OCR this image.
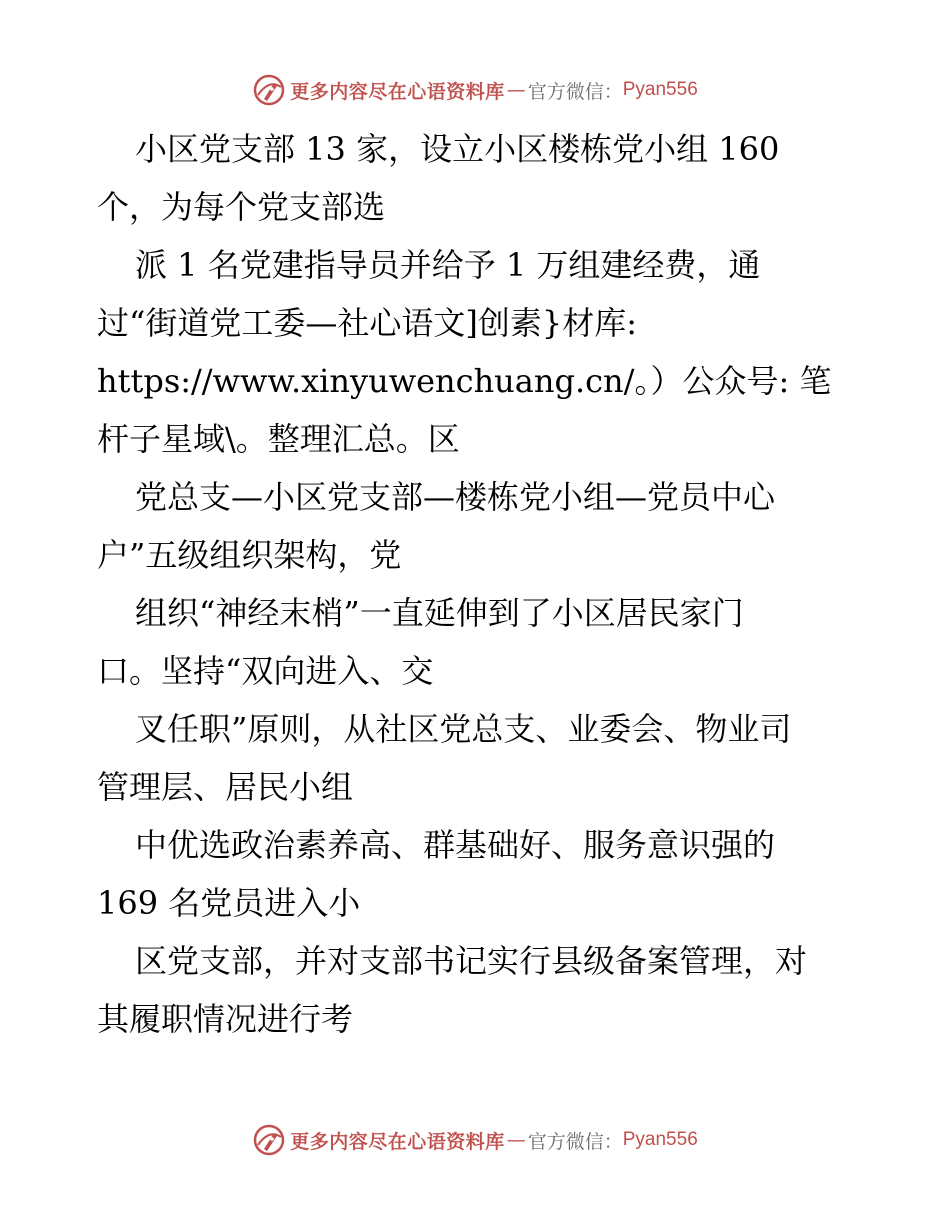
更多内容尽在心语资料库 — 官方微信： Pyan556
小区党支部 13 家，设立小区楼栋党小组 160
个，为每个党支部选
派 1 名党建指导员并给予 1 万组建经费，通
过“街道党工委—社心语文]创素}材库:
https://www.xinyuwenchuang.cn/。）公众号: 笔
杆子星域\。整理汇总。区
党总支—小区党支部—楼栋党小组—党员中心
户”五级组织架构，党
组织“神经末梢”一直延伸到了小区居民家门
口。坚持“双向进入、交
叉任职”原则，从社区党总支、业委会、物业司
管理层、居民小组
中优选政治素养高、群基础好、服务意识强的
169 名党员进入小
区党支部，并对支部书记实行县级备案管理，对
其履职情况进行考
更多内容尽在心语资料库 — 官方微信： Pyan556
